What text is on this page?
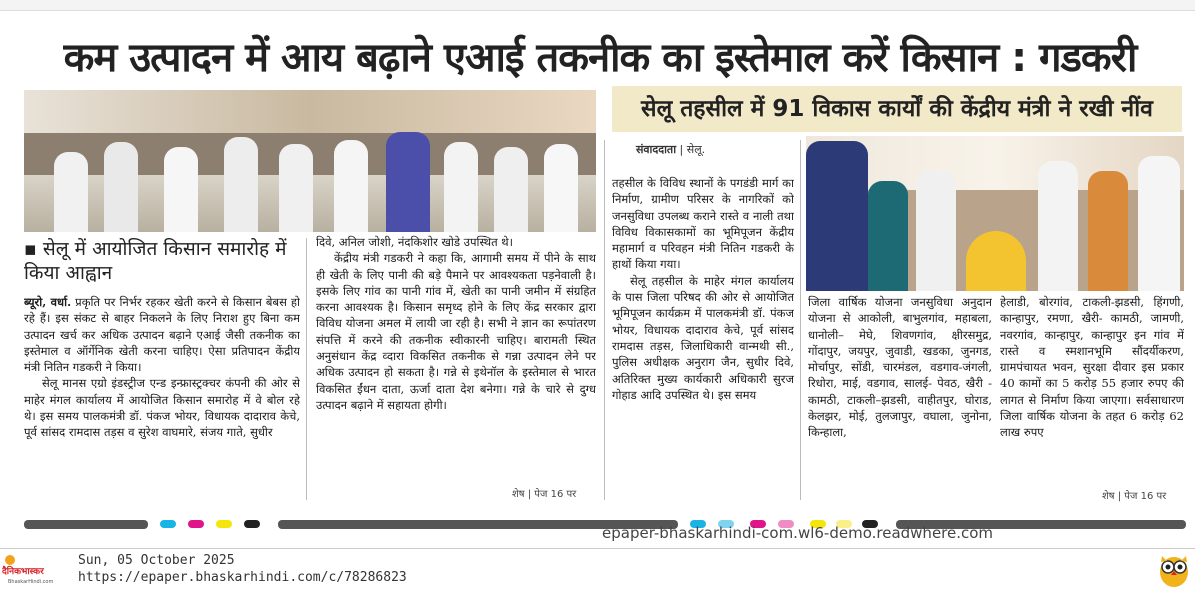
कम उत्पादन में आय बढ़ाने एआई तकनीक का इस्तेमाल करें किसान : गडकरी
सेलू तहसील में 91 विकास कार्यों की केंद्रीय मंत्री ने रखी नींव
▪ सेलू में आयोजित किसान समारोह में किया आह्वान

ब्यूरो, वर्धा. प्रकृति पर निर्भर रहकर खेती करने से किसान बेबस हो रहे हैं। इस संकट से बाहर निकलने के लिए निराश हुए बिना कम उत्पादन खर्च कर अधिक उत्पादन बढ़ाने एआई जैसी तकनीक का इस्तेमाल व ऑर्गेनिक खेती करना चाहिए। ऐसा प्रतिपादन केंद्रीय मंत्री नितिन गडकरी ने किया।

सेलू मानस एग्रो इंडस्ट्रीज एन्ड इन्फ्रास्ट्रक्चर कंपनी की ओर से माहेर मंगल कार्यालय में आयोजित किसान समारोह में वे बोल रहे थे। इस समय पालकमंत्री डॉ. पंकज भोयर, विधायक दादाराव केचे, पूर्व सांसद रामदास तड़स व सुरेश वाघमारे, संजय गाते, सुधीर

दिवे, अनिल जोशी, नंदकिशोर खोडे उपस्थित थे।

केंद्रीय मंत्री गडकरी ने कहा कि, आगामी समय में पीने के साथ ही खेती के लिए पानी की बड़े पैमाने पर आवश्यकता पड़नेवाली है। इसके लिए गांव का पानी गांव में, खेती का पानी जमीन में संग्रहित करना आवश्यक है। किसान समृध्द होने के लिए केंद्र सरकार द्वारा विविध योजना अमल में लायी जा रही है। सभी ने ज्ञान का रूपांतरण संपत्ति में करने की तकनीक स्वीकारनी चाहिए। बारामती स्थित अनुसंधान केंद्र व्दारा विकसित तकनीक से गन्ना उत्पादन लेने पर अधिक उत्पादन हो सकता है। गन्ने से इथेनॉल के इस्तेमाल से भारत विकसित ईंधन दाता, ऊर्जा दाता देश बनेगा। गन्ने के चारे से दुग्ध उत्पादन बढ़ाने में सहायता होगी।

शेष | पेज 16 पर
संवाददाता | सेलू.

तहसील के विविध स्थानों के पगडंडी मार्ग का निर्माण, ग्रामीण परिसर के नागरिकों को जनसुविधा उपलब्ध कराने रास्ते व नाली तथा विविध विकासकामों का भूमिपूजन केंद्रीय महामार्ग व परिवहन मंत्री नितिन गडकरी के हाथों किया गया।

सेलू तहसील के माहेर मंगल कार्यालय के पास जिला परिषद की ओर से आयोजित भूमिपूजन कार्यक्रम में पालकमंत्री डॉ. पंकज भोयर, विधायक दादाराव केचे, पूर्व सांसद रामदास तड़स, जिलाधिकारी वान्मथी सी., पुलिस अधीक्षक अनुराग जैन, सुधीर दिवे, अतिरिक्त मुख्य कार्यकारी अधिकारी सुरज गोहाड आदि उपस्थित थे। इस समय

जिला वार्षिक योजना जनसुविधा अनुदान योजना से आकोली, बाभुलगांव, महाबला, धानोली– मेघे, शिवणगांव, क्षीरसमुद्र, गोंदापुर, जयपुर, जुवाडी, खडका, जुनगड, मोर्चापुर, सोंडी, चारमंडल, वडगाव-जंगली, रिधोरा, माई, वडगाव, सालई- पेवठ, खैरी - कामठी, टाकली–झडसी, वाहीतपुर, घोराड, केलझर, मोई, तुलजापुर, वघाला, जुनोना, किन्हाला,

हेलाडी, बोरगांव, टाकली-झडसी, हिंगणी, कान्हापुर, रमणा, खैरी- कामठी, जामणी, नवरगांव, कान्हापुर, कान्हापुर इन गांव में रास्ते व स्मशानभूमि सौंदर्यीकरण, ग्रामपंचायत भवन, सुरक्षा दीवार इस प्रकार 40 कामों का 5 करोड़ 55 हजार रुपए की लागत से निर्माण किया जाएगा। सर्वसाधारण जिला वार्षिक योजना के तहत 6 करोड़ 62 लाख रुपए

शेष | पेज 16 पर
epaper-bhaskarhindi-com.wl6-demo.readwhere.com
दैनिकभास्कर
BhaskarHindi.com
Sun, 05 October 2025
https://epaper.bhaskarhindi.com/c/78286823
